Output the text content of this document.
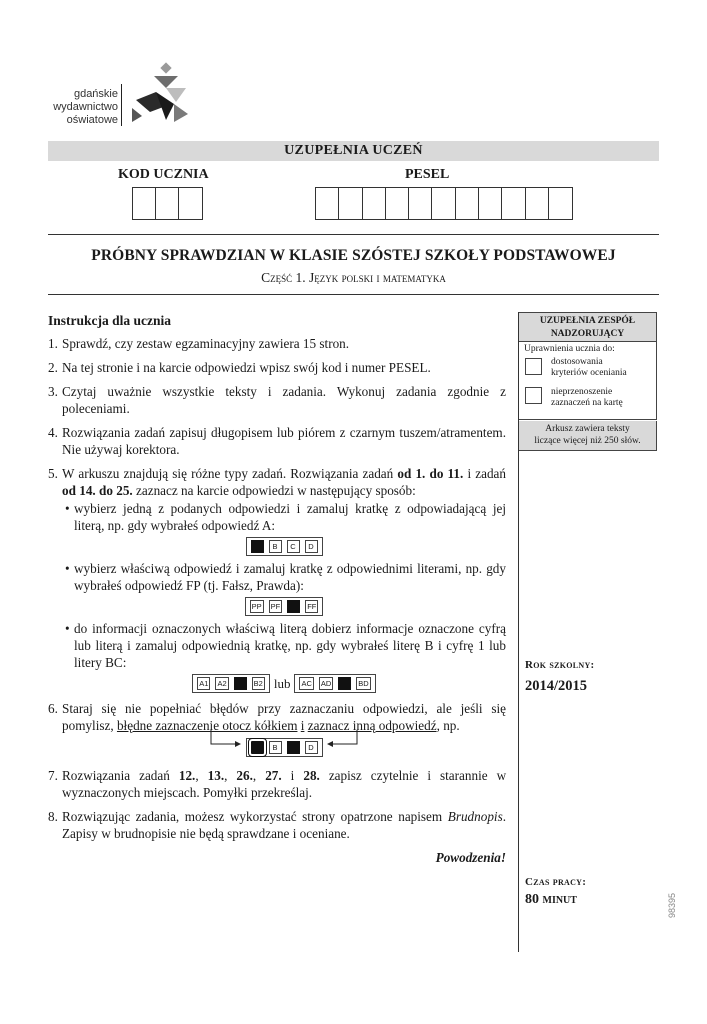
gdańskie
wydawnictwo
oświatowe
UZUPEŁNIA UCZEŃ
KOD UCZNIA	PESEL
PRÓBNY SPRAWDZIAN W KLASIE SZÓSTEJ SZKOŁY PODSTAWOWEJ
Część 1. Język polski i matematyka
Instrukcja dla ucznia
1. Sprawdź, czy zestaw egzaminacyjny zawiera 15 stron.
2. Na tej stronie i na karcie odpowiedzi wpisz swój kod i numer PESEL.
3. Czytaj uważnie wszystkie teksty i zadania. Wykonuj zadania zgodnie z poleceniami.
4. Rozwiązania zadań zapisuj długopisem lub piórem z czarnym tuszem/atramentem. Nie używaj korektora.
5. W arkuszu znajdują się różne typy zadań. Rozwiązania zadań od 1. do 11. i zadań od 14. do 25. zaznacz na karcie odpowiedzi w następujący sposób:
• wybierz jedną z podanych odpowiedzi i zamaluj kratkę z odpowiadającą jej literą, np. gdy wybrałeś odpowiedź A:
B	C	D
• wybierz właściwą odpowiedź i zamaluj kratkę z odpowiednimi literami, np. gdy wybrałeś odpowiedź FP (tj. Fałsz, Prawda):
PP PF	FF
• do informacji oznaczonych właściwą literą dobierz informacje oznaczone cyfrą lub literą i zamaluj odpowiednią kratkę, np. gdy wybrałeś literę B i cyfrę 1 lub litery BC:
A1 A2	B2 lub AC AD	BD
6. Staraj się nie popełniać błędów przy zaznaczaniu odpowiedzi, ale jeśli się pomylisz, błędne zaznaczenie otocz kółkiem i zaznacz inną odpowiedź, np.
B	D
7. Rozwiązania zadań 12., 13., 26., 27. i 28. zapisz czytelnie i starannie w wyznaczonych miejscach. Pomyłki przekreślaj.
8. Rozwiązując zadania, możesz wykorzystać strony opatrzone napisem Brudnopis. Zapisy w brudnopisie nie będą sprawdzane i oceniane.
Powodzenia!
UZUPEŁNIA ZESPÓŁ NADZORUJĄCY
Uprawnienia ucznia do:
dostosowania
kryteriów oceniania
nieprzenoszenie
zaznaczeń na kartę
Arkusz zawiera teksty
liczące więcej niż 250 słów.
Rok szkolny:
2014/2015
Czas pracy:
80 minut	98395
